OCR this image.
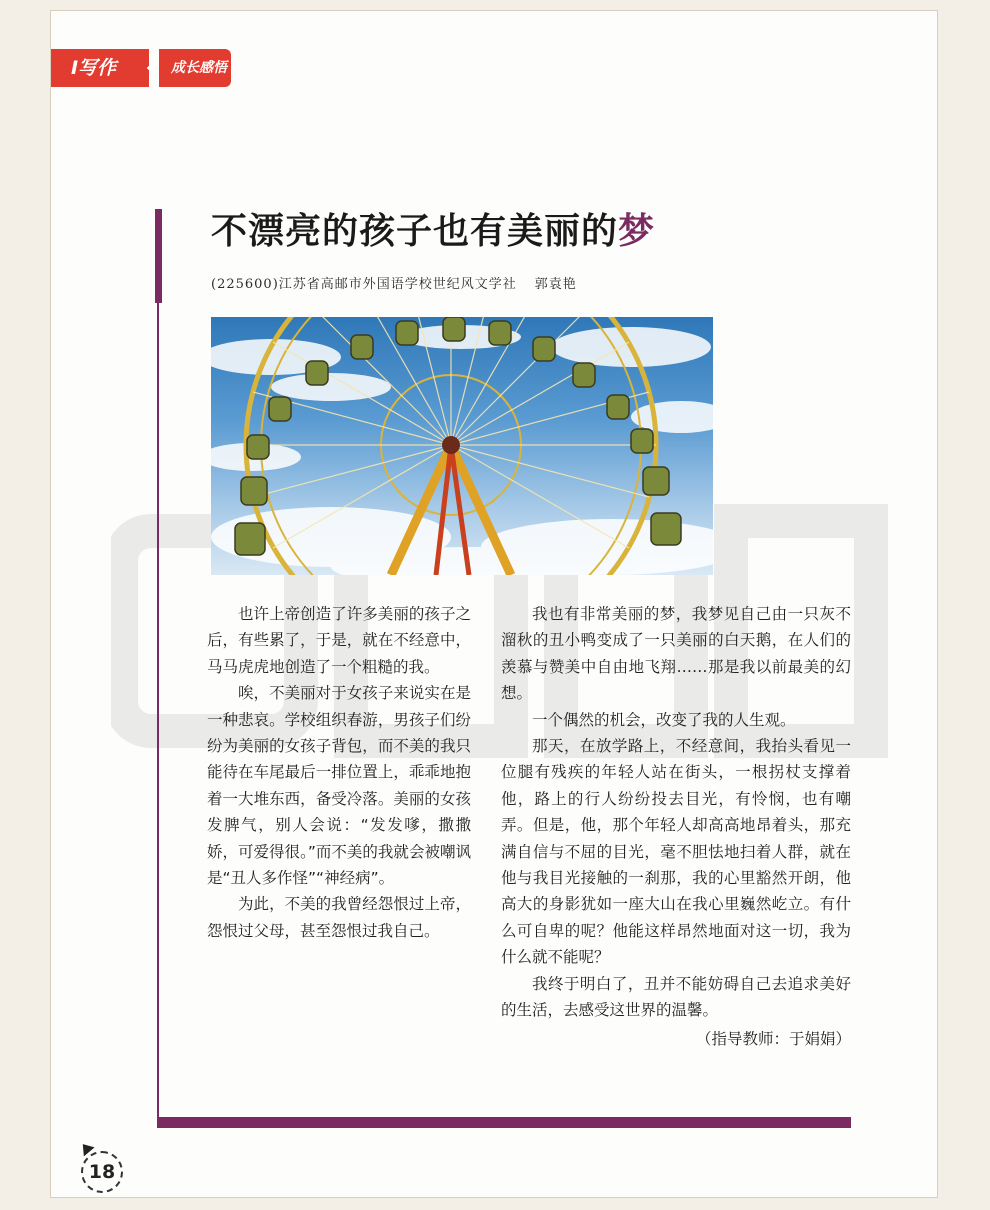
I写作	成长感悟
不漂亮的孩子也有美丽的梦
(225600)江苏省高邮市外国语学校世纪风文学社 郭袁艳

也许上帝创造了许多美丽的孩子之后，有些累了，于是，就在不经意中，马马虎虎地创造了一个粗糙的我。

唉，不美丽对于女孩子来说实在是一种悲哀。学校组织春游，男孩子们纷纷为美丽的女孩子背包，而不美的我只能待在车尾最后一排位置上，乖乖地抱着一大堆东西，备受冷落。美丽的女孩发脾气，别人会说：“发发嗲，撒撒娇，可爱得很。”而不美的我就会被嘲讽是“丑人多作怪”“神经病”。

为此，不美的我曾经怨恨过上帝，怨恨过父母，甚至怨恨过我自己。

我也有非常美丽的梦，我梦见自己由一只灰不溜秋的丑小鸭变成了一只美丽的白天鹅，在人们的羡慕与赞美中自由地飞翔……那是我以前最美的幻想。

一个偶然的机会，改变了我的人生观。

那天，在放学路上，不经意间，我抬头看见一位腿有残疾的年轻人站在街头，一根拐杖支撑着他，路上的行人纷纷投去目光，有怜悯，也有嘲弄。但是，他，那个年轻人却高高地昂着头，那充满自信与不屈的目光，毫不胆怯地扫着人群，就在他与我目光接触的一刹那，我的心里豁然开朗，他高大的身影犹如一座大山在我心里巍然屹立。有什么可自卑的呢？他能这样昂然地面对这一切，我为什么就不能呢？

我终于明白了，丑并不能妨碍自己去追求美好的生活，去感受这世界的温馨。

（指导教师：于娟娟）

18
